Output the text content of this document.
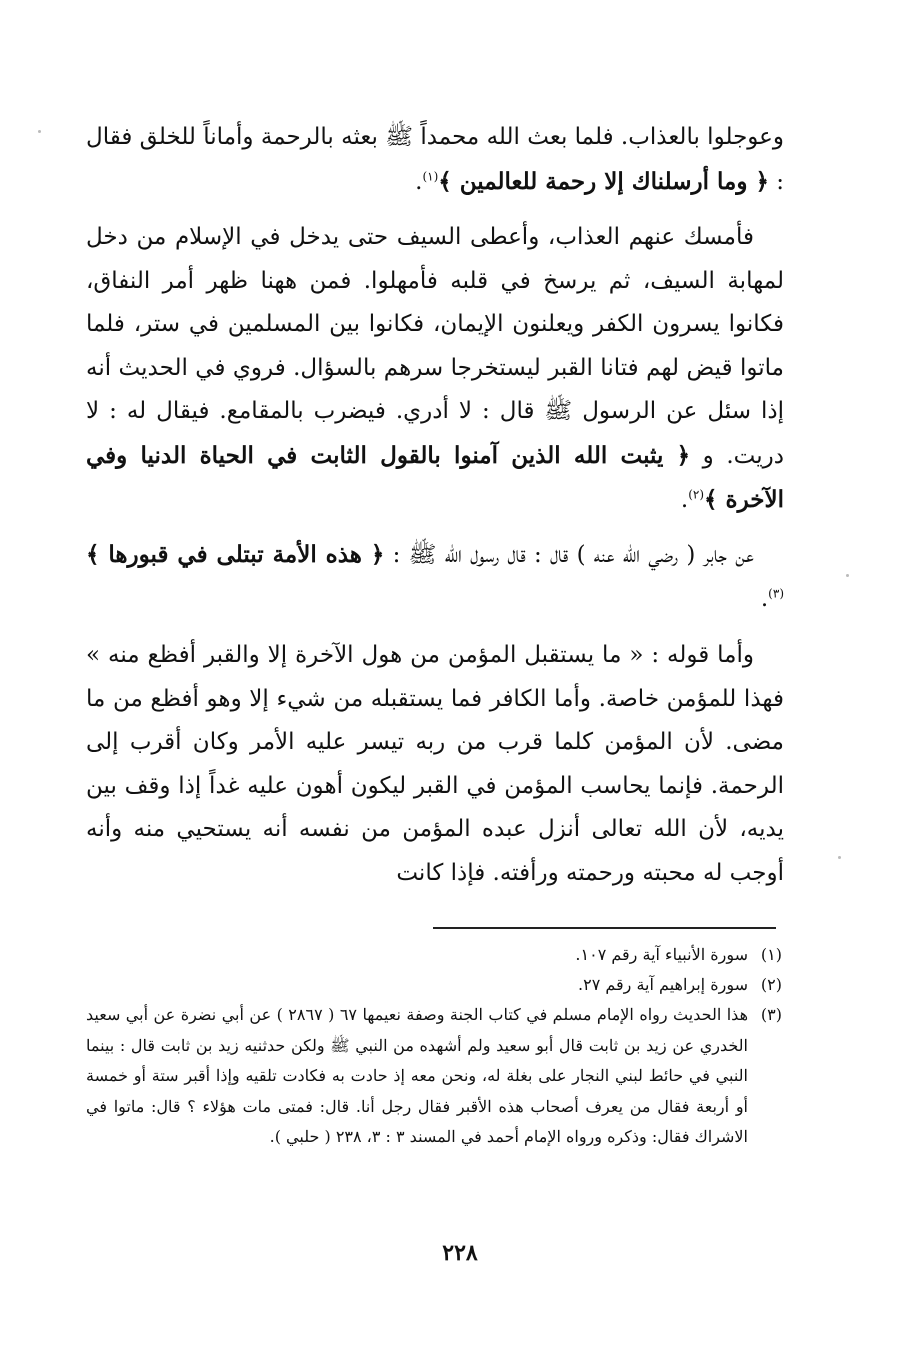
وعوجلوا بالعذاب. فلما بعث الله محمداً ﷺ بعثه بالرحمة وأماناً للخلق فقال : ﴿ وما أرسلناك إلا رحمة للعالمين ﴾$^{(١)}$.

فأمسك عنهم العذاب، وأعطى السيف حتى يدخل في الإسلام من دخل لمهابة السيف، ثم يرسخ في قلبه فأمهلوا. فمن ههنا ظهر أمر النفاق، فكانوا يسرون الكفر ويعلنون الإيمان، فكانوا بين المسلمين في ستر، فلما ماتوا قيض لهم فتانا القبر ليستخرجا سرهم بالسؤال. فروي في الحديث أنه إذا سئل عن الرسول ﷺ قال : لا أدري. فيضرب بالمقامع. فيقال له : لا دريت. و ﴿ يثبت الله الذين آمنوا بالقول الثابت في الحياة الدنيا وفي الآخرة ﴾$^{(٢)}$.

عن جابر ( رضي الله عنه ) قال : قال رسول الله ﷺ : ﴿ هذه الأمة تبتلى في قبورها ﴾$^{(٣)}$.

وأما قوله : « ما يستقبل المؤمن من هول الآخرة إلا والقبر أفظع منه » فهذا للمؤمن خاصة. وأما الكافر فما يستقبله من شيء إلا وهو أفظع من ما مضى. لأن المؤمن كلما قرب من ربه تيسر عليه الأمر وكان أقرب إلى الرحمة. فإنما يحاسب المؤمن في القبر ليكون أهون عليه غداً إذا وقف بين يديه، لأن الله تعالى أنزل عبده المؤمن من نفسه أنه يستحيي منه وأنه أوجب له محبته ورحمته ورأفته. فإذا كانت

(١)
سورة الأنبياء آية رقم ١٠٧.
(٢)
سورة إبراهيم آية رقم ٢٧.
(٣)
هذا الحديث رواه الإمام مسلم في كتاب الجنة وصفة نعيمها ٦٧ ( ٢٨٦٧ ) عن أبي نضرة عن أبي سعيد الخدري عن زيد بن ثابت قال أبو سعيد ولم أشهده من النبي ﷺ ولكن حدثنيه زيد بن ثابت قال : بينما النبي في حائط لبني النجار على بغلة له، ونحن معه إذ حادت به فكادت تلقيه وإذا أقبر ستة أو خمسة أو أربعة فقال من يعرف أصحاب هذه الأقبر فقال رجل أنا. قال: فمتى مات هؤلاء ؟ قال: ماتوا في الاشراك فقال: وذكره ورواه الإمام أحمد في المسند ٣ : ٣، ٢٣٨ ( حلبي ).
٢٢٨
